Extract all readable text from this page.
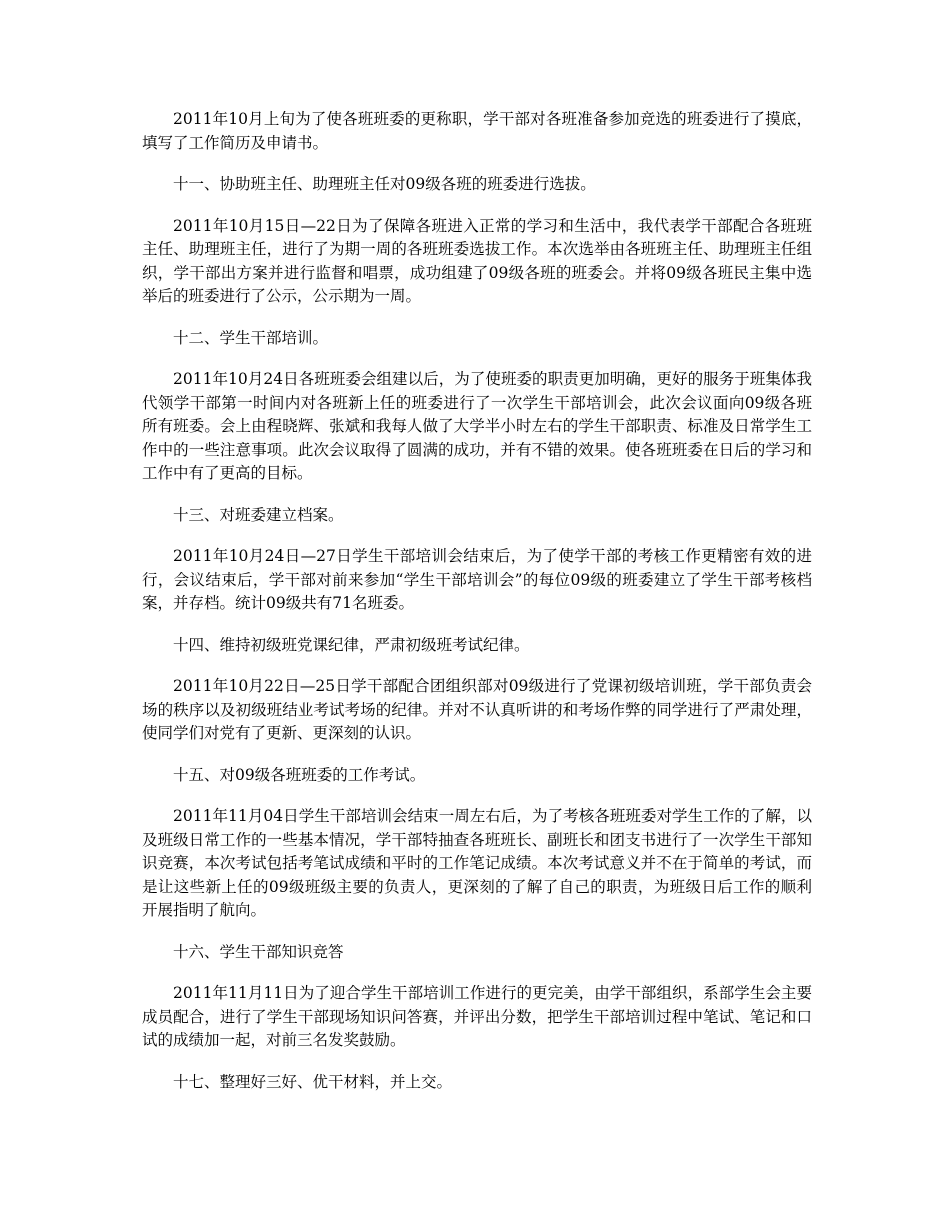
2011年10月上旬为了使各班班委的更称职，学干部对各班准备参加竞选的班委进行了摸底，填写了工作简历及申请书。

十一、协助班主任、助理班主任对09级各班的班委进行选拔。

2011年10月15日—22日为了保障各班进入正常的学习和生活中，我代表学干部配合各班班主任、助理班主任，进行了为期一周的各班班委选拔工作。本次选举由各班班主任、助理班主任组织，学干部出方案并进行监督和唱票，成功组建了09级各班的班委会。并将09级各班民主集中选举后的班委进行了公示，公示期为一周。

十二、学生干部培训。

2011年10月24日各班班委会组建以后，为了使班委的职责更加明确，更好的服务于班集体我代领学干部第一时间内对各班新上任的班委进行了一次学生干部培训会，此次会议面向09级各班所有班委。会上由程晓辉、张斌和我每人做了大学半小时左右的学生干部职责、标准及日常学生工作中的一些注意事项。此次会议取得了圆满的成功，并有不错的效果。使各班班委在日后的学习和工作中有了更高的目标。

十三、对班委建立档案。

2011年10月24日—27日学生干部培训会结束后，为了使学干部的考核工作更精密有效的进行，会议结束后，学干部对前来参加“学生干部培训会”的每位09级的班委建立了学生干部考核档案，并存档。统计09级共有71名班委。

十四、维持初级班党课纪律，严肃初级班考试纪律。

2011年10月22日—25日学干部配合团组织部对09级进行了党课初级培训班，学干部负责会场的秩序以及初级班结业考试考场的纪律。并对不认真听讲的和考场作弊的同学进行了严肃处理，使同学们对党有了更新、更深刻的认识。

十五、对09级各班班委的工作考试。

2011年11月04日学生干部培训会结束一周左右后，为了考核各班班委对学生工作的了解，以及班级日常工作的一些基本情况，学干部特抽查各班班长、副班长和团支书进行了一次学生干部知识竞赛，本次考试包括考笔试成绩和平时的工作笔记成绩。本次考试意义并不在于简单的考试，而是让这些新上任的09级班级主要的负责人，更深刻的了解了自己的职责，为班级日后工作的顺利开展指明了航向。

十六、学生干部知识竞答

2011年11月11日为了迎合学生干部培训工作进行的更完美，由学干部组织，系部学生会主要成员配合，进行了学生干部现场知识问答赛，并评出分数，把学生干部培训过程中笔试、笔记和口试的成绩加一起，对前三名发奖鼓励。

十七、整理好三好、优干材料，并上交。
